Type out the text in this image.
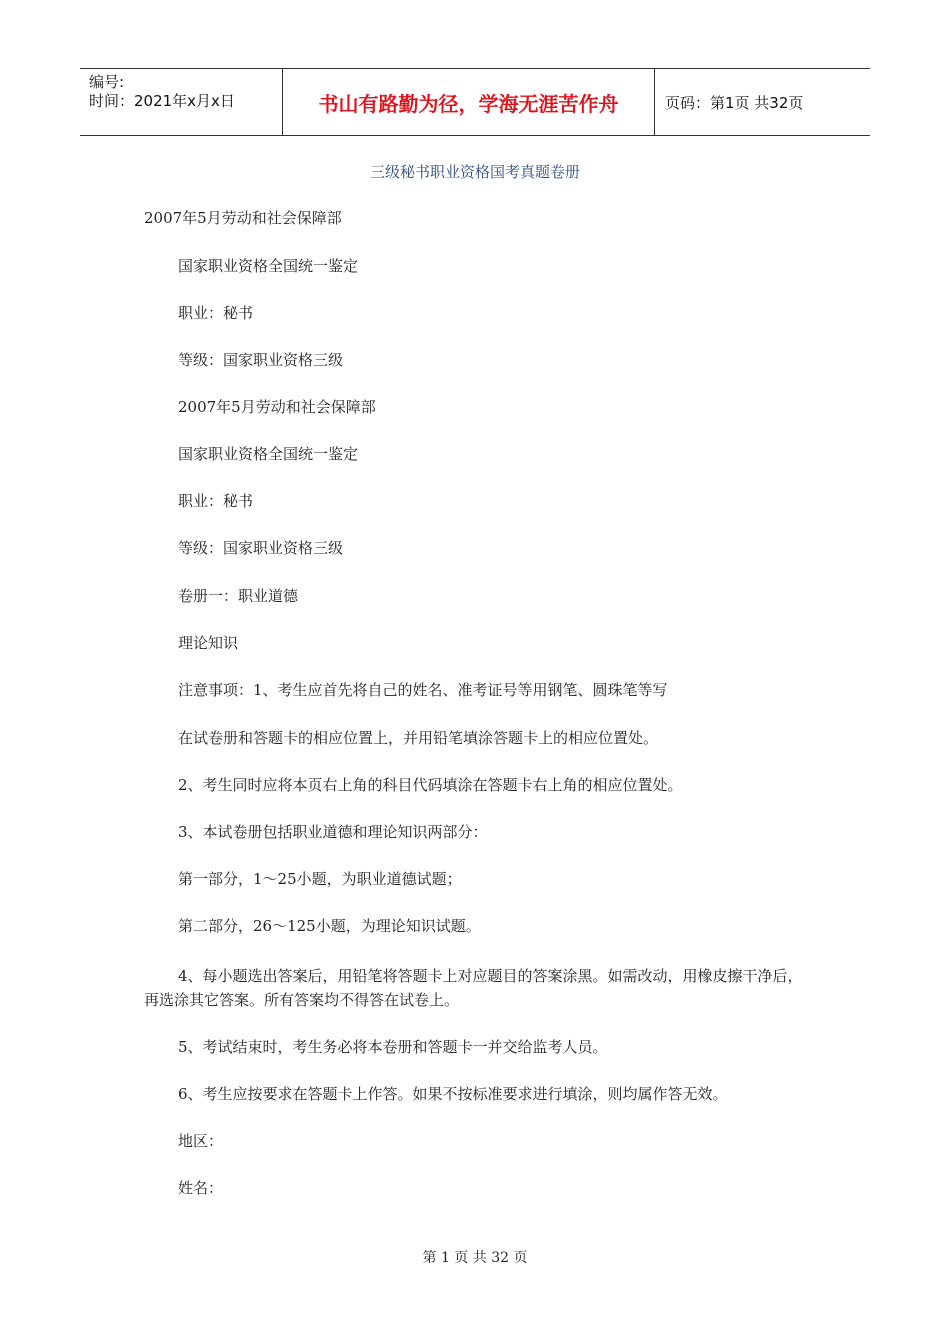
编号:
时间：2021年x月x日	书山有路勤为径，学海无涯苦作舟	页码：第1页 共32页
三级秘书职业资格国考真题卷册
2007年5月劳动和社会保障部
国家职业资格全国统一鉴定
职业：秘书
等级：国家职业资格三级
2007年5月劳动和社会保障部
国家职业资格全国统一鉴定
职业：秘书
等级：国家职业资格三级
卷册一：职业道德
理论知识
注意事项：1、考生应首先将自己的姓名、准考证号等用钢笔、圆珠笔等写
在试卷册和答题卡的相应位置上，并用铅笔填涂答题卡上的相应位置处。
2、考生同时应将本页右上角的科目代码填涂在答题卡右上角的相应位置处。
3、本试卷册包括职业道德和理论知识两部分：
第一部分，1～25小题，为职业道德试题；
第二部分，26～125小题，为理论知识试题。
4、每小题选出答案后，用铅笔将答题卡上对应题目的答案涂黑。如需改动，用橡皮擦干净后，再选涂其它答案。所有答案均不得答在试卷上。
5、考试结束时，考生务必将本卷册和答题卡一并交给监考人员。
6、考生应按要求在答题卡上作答。如果不按标准要求进行填涂，则均属作答无效。
地区：
姓名：
第 1 页 共 32 页
